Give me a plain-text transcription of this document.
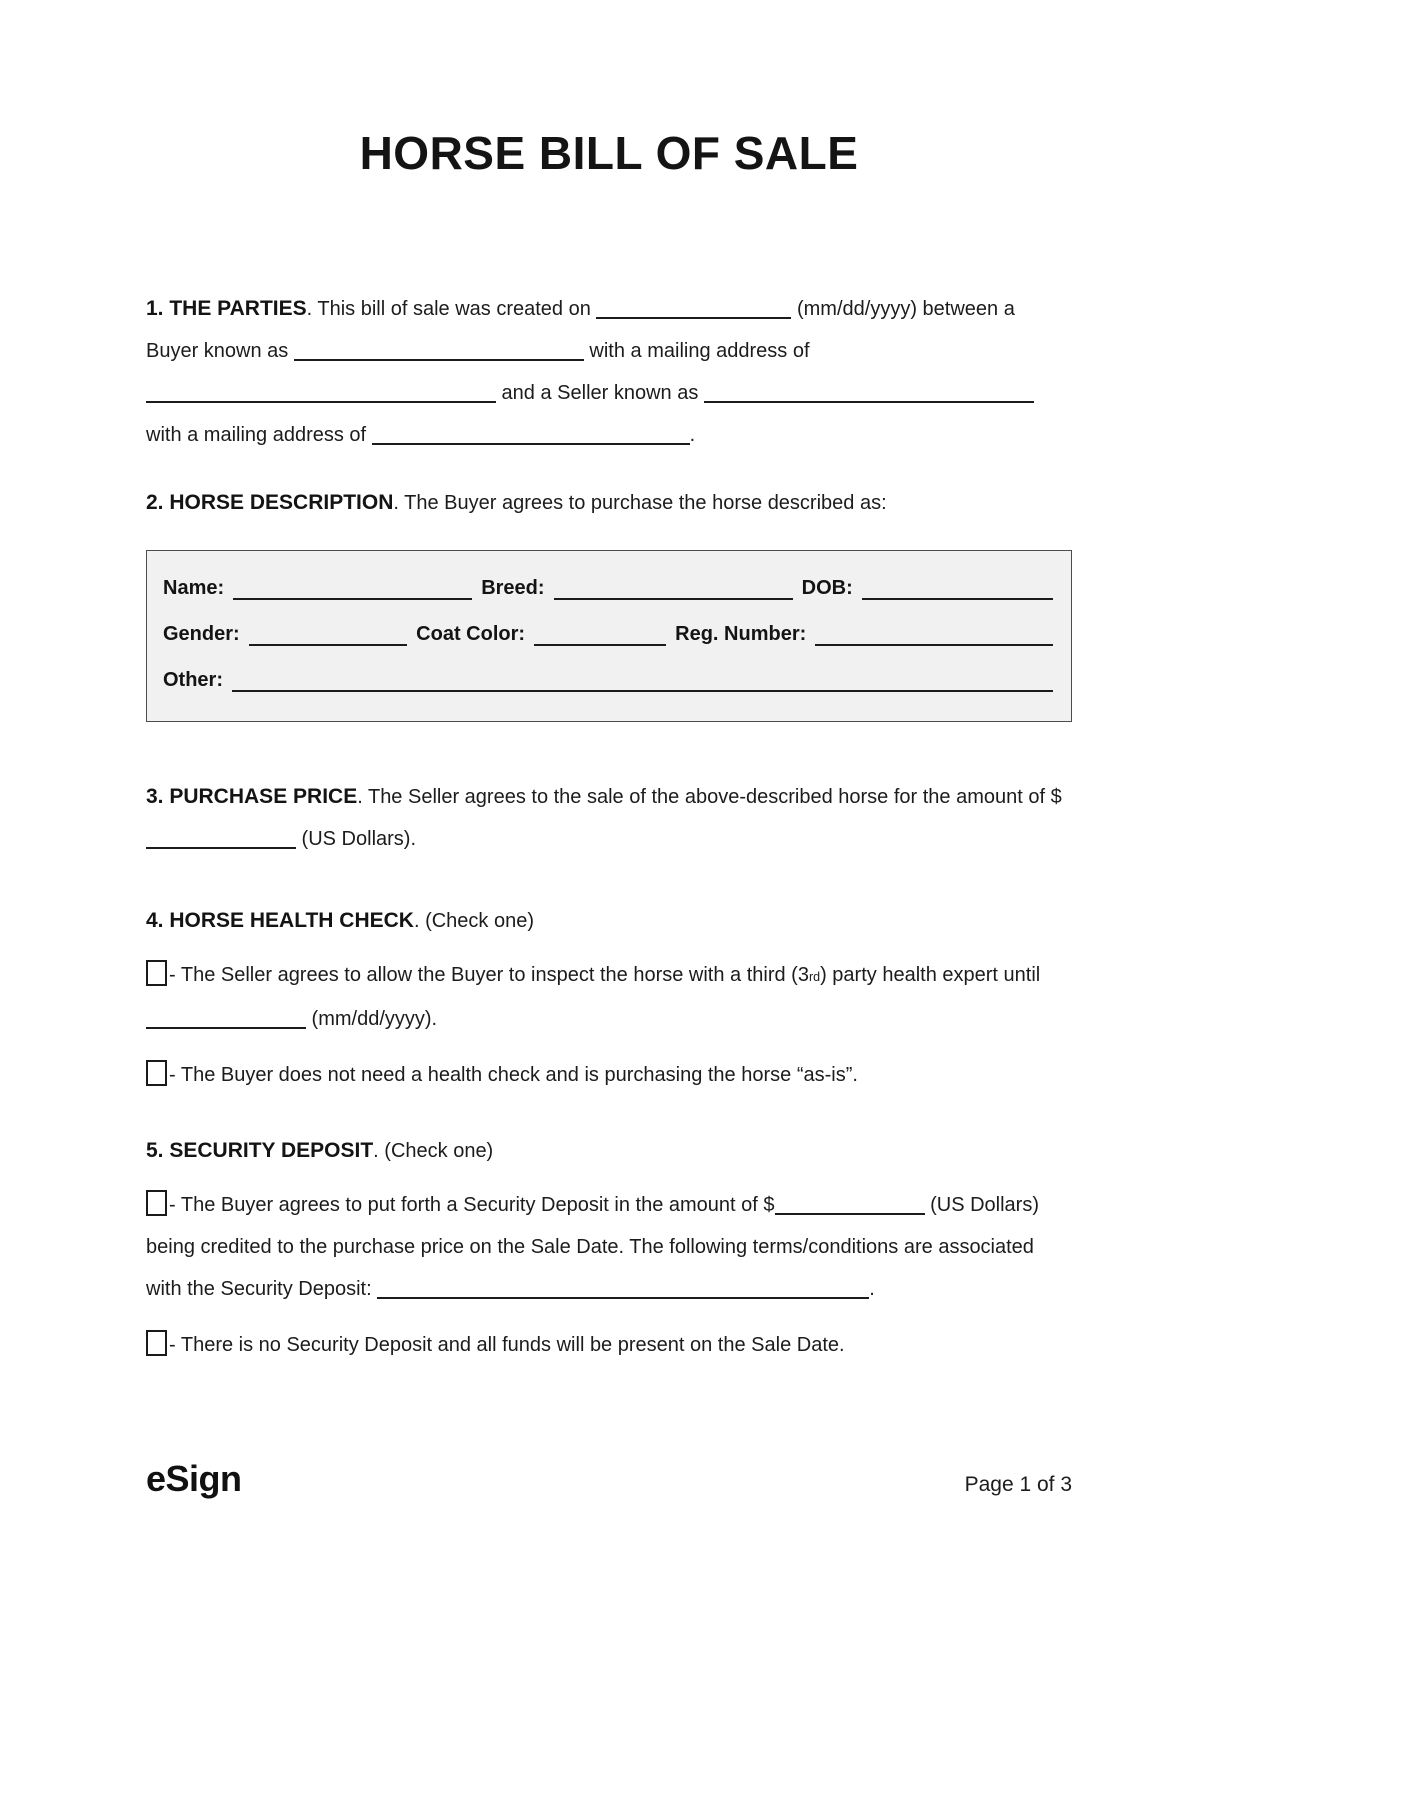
HORSE BILL OF SALE

1. THE PARTIES. This bill of sale was created on	(mm/dd/yyyy) between a Buyer known as	with a mailing address of  and a Seller known as  with a mailing address of	.

2. HORSE DESCRIPTION. The Buyer agrees to purchase the horse described as:

Name:	Breed:	DOB:
Gender:	Coat Color:	Reg. Number:
Other:

3. PURCHASE PRICE. The Seller agrees to the sale of the above-described horse for the amount of $ (US Dollars).

4. HORSE HEALTH CHECK. (Check one)

- The Seller agrees to allow the Buyer to inspect the horse with a third (3rd) party health expert until  (mm/dd/yyyy).

- The Buyer does not need a health check and is purchasing the horse “as-is”.

5. SECURITY DEPOSIT. (Check one)

- The Buyer agrees to put forth a Security Deposit in the amount of $	(US Dollars) being credited to the purchase price on the Sale Date. The following terms/conditions are associated with the Security Deposit:	.

- There is no Security Deposit and all funds will be present on the Sale Date.

eSign	Page 1 of 3
